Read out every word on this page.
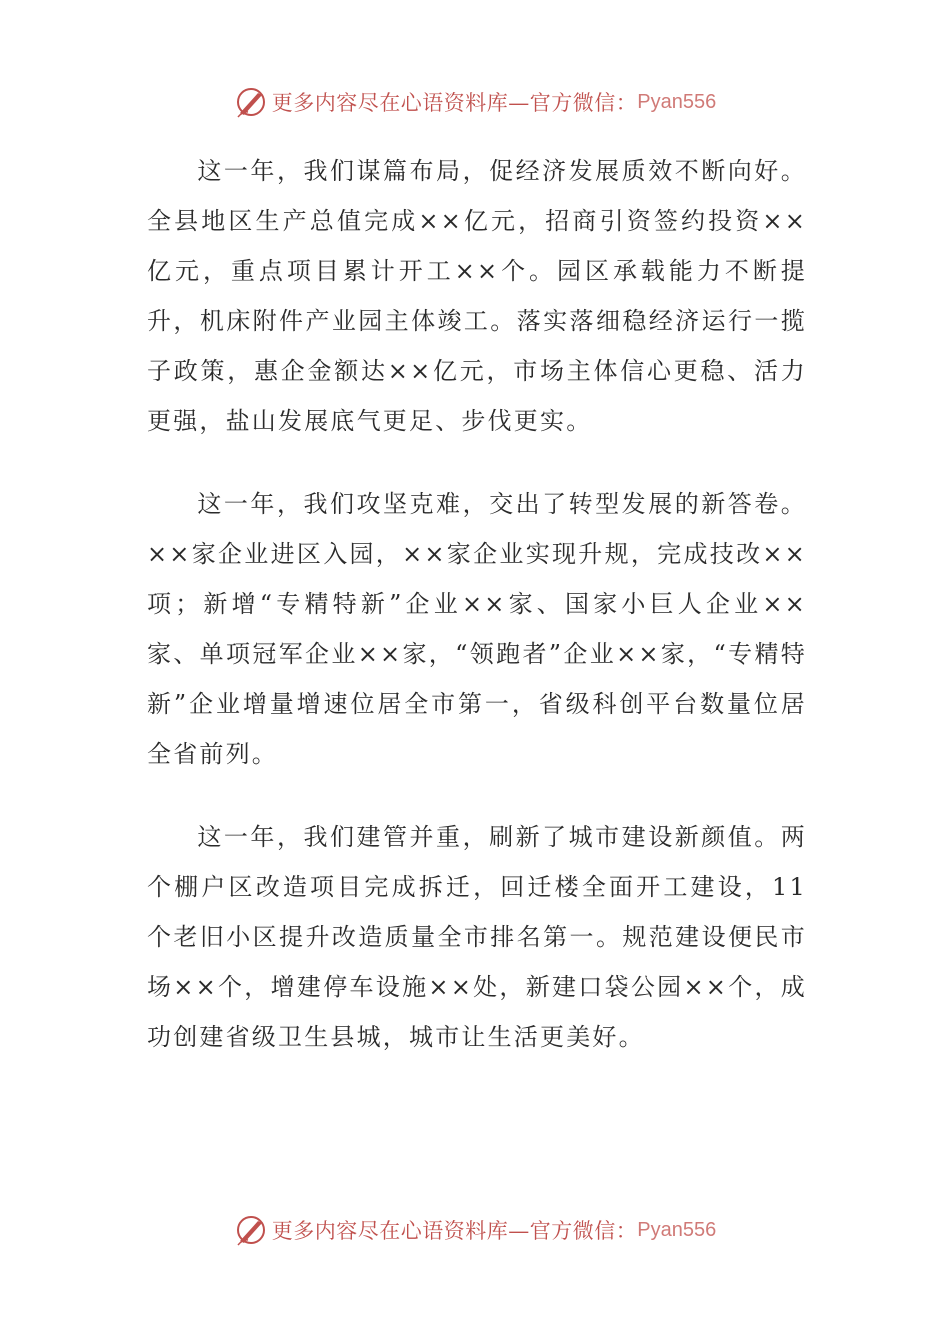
更多内容尽在心语资料库—官方微信： Pyan556

这一年，我们谋篇布局，促经济发展质效不断向好。全县地区生产总值完成××亿元，招商引资签约投资××亿元，重点项目累计开工××个。园区承载能力不断提升，机床附件产业园主体竣工。落实落细稳经济运行一揽子政策，惠企金额达××亿元，市场主体信心更稳、活力更强，盐山发展底气更足、步伐更实。

这一年，我们攻坚克难，交出了转型发展的新答卷。××家企业进区入园，××家企业实现升规，完成技改××项；新增“专精特新”企业××家、国家小巨人企业××家、单项冠军企业××家，“领跑者”企业××家，“专精特新”企业增量增速位居全市第一，省级科创平台数量位居全省前列。

这一年，我们建管并重，刷新了城市建设新颜值。两个棚户区改造项目完成拆迁，回迁楼全面开工建设，11个老旧小区提升改造质量全市排名第一。规范建设便民市场××个，增建停车设施××处，新建口袋公园××个，成功创建省级卫生县城，城市让生活更美好。

更多内容尽在心语资料库—官方微信： Pyan556
